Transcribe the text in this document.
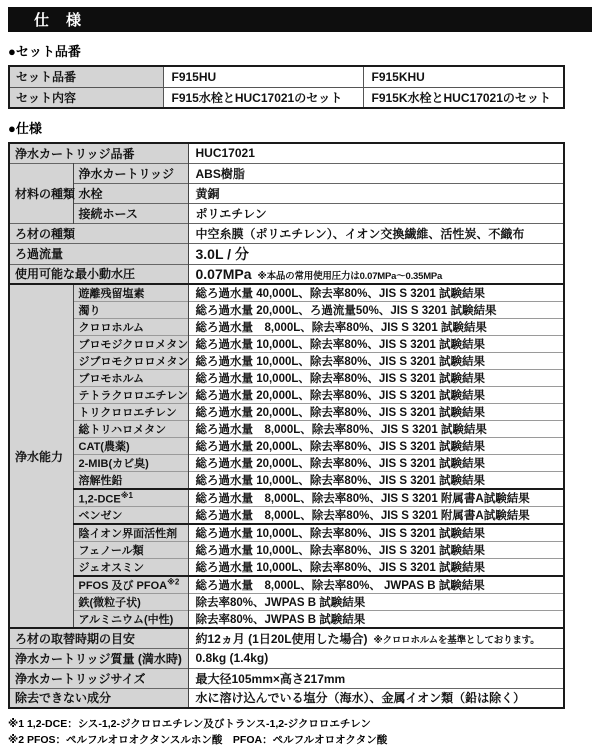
仕　様
●セット品番
セット品番	F915HU	F915KHU
セット内容	F915水栓とHUC17021のセット	F915K水栓とHUC17021のセット
●仕様
浄水カートリッジ品番		HUC17021
材料の種類	浄水カートリッジ	ABS樹脂
	水栓	黄銅
	接続ホース	ポリエチレン
ろ材の種類		中空糸膜（ポリエチレン）、イオン交換繊維、活性炭、不織布
ろ過流量		3.0L / 分
使用可能な最小動水圧		0.07MPa ※本品の常用使用圧力は0.07MPa～0.35MPa
浄水能力	遊離残留塩素	総ろ過水量 40,000L、除去率80%、JIS S 3201 試験結果
	濁り	総ろ過水量 20,000L、ろ過流量50%、JIS S 3201 試験結果
	クロロホルム	総ろ過水量　8,000L、除去率80%、JIS S 3201 試験結果
	ブロモジクロロメタン	総ろ過水量 10,000L、除去率80%、JIS S 3201 試験結果
	ジブロモクロロメタン	総ろ過水量 10,000L、除去率80%、JIS S 3201 試験結果
	ブロモホルム	総ろ過水量 10,000L、除去率80%、JIS S 3201 試験結果
	テトラクロロエチレン	総ろ過水量 20,000L、除去率80%、JIS S 3201 試験結果
	トリクロロエチレン	総ろ過水量 20,000L、除去率80%、JIS S 3201 試験結果
	総トリハロメタン	総ろ過水量　8,000L、除去率80%、JIS S 3201 試験結果
	CAT(農薬)	総ろ過水量 20,000L、除去率80%、JIS S 3201 試験結果
	2-MIB(カビ臭)	総ろ過水量 20,000L、除去率80%、JIS S 3201 試験結果
	溶解性鉛	総ろ過水量 10,000L、除去率80%、JIS S 3201 試験結果
	1,2-DCE$^{※1}$	総ろ過水量　8,000L、除去率80%、JIS S 3201 附属書A試験結果
	ベンゼン	総ろ過水量　8,000L、除去率80%、JIS S 3201 附属書A試験結果
	陰イオン界面活性剤	総ろ過水量 10,000L、除去率80%、JIS S 3201 試験結果
	フェノール類	総ろ過水量 10,000L、除去率80%、JIS S 3201 試験結果
	ジェオスミン	総ろ過水量 10,000L、除去率80%、JIS S 3201 試験結果
	PFOS 及び PFOA$^{※2}$	総ろ過水量　8,000L、除去率80%、 JWPAS B 試験結果
	鉄(微粒子状)	除去率80%、JWPAS B 試験結果
	アルミニウム(中性)	除去率80%、JWPAS B 試験結果
ろ材の取替時期の目安		約12ヵ月 (1日20L使用した場合) ※クロロホルムを基準としております。
浄水カートリッジ質量 (満水時)		0.8kg (1.4kg)
浄水カートリッジサイズ		最大径105mm×高さ217mm
除去できない成分		水に溶け込んでいる塩分（海水）、金属イオン類（鉛は除く）
※1 1,2-DCE：シス-1,2-ジクロロエチレン及びトランス-1,2-ジクロロエチレン
※2 PFOS：ペルフルオロオクタンスルホン酸　PFOA：ペルフルオロオクタン酸
